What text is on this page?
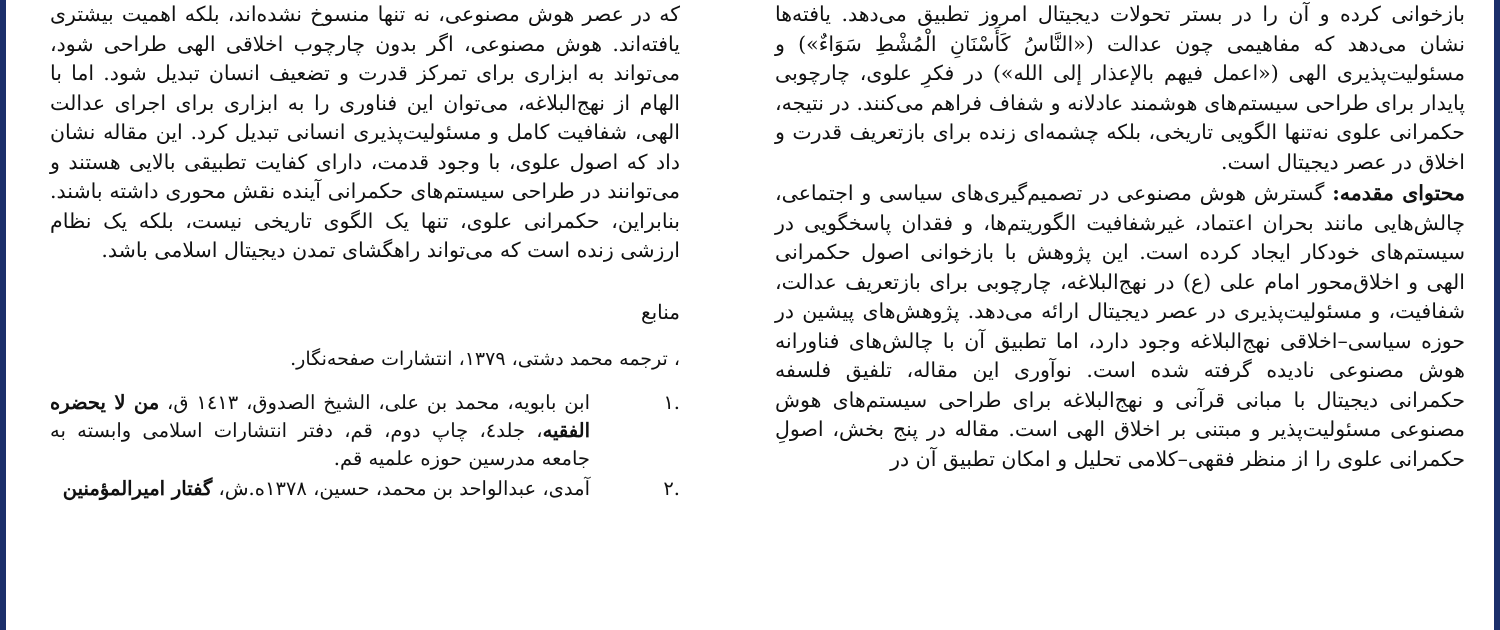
بازخوانی کرده و آن را در بستر تحولات دیجیتال امروز تطبیق می‌دهد. یافته‌ها نشان می‌دهد که مفاهیمی چون عدالت («النَّاسُ كَأَسْنَانِ الْمُشْطِ سَوَاءٌ») و مسئولیت‌پذیری الهی («اعمل فيهم بالإعذار إلى الله») در فکرِ علوی، چارچوبی پایدار برای طراحی سیستم‌های هوشمند عادلانه و شفاف فراهم می‌کنند. در نتیجه، حکمرانی علوی نه‌تنها الگویی تاریخی، بلکه چشمه‌ای زنده برای بازتعریف قدرت و اخلاق در عصر دیجیتال است.

محتوای مقدمه: گسترش هوش مصنوعی در تصمیم‌گیری‌های سیاسی و اجتماعی، چالش‌هایی مانند بحران اعتماد، غیرشفافیت الگوریتم‌ها، و فقدان پاسخگویی در سیستم‌های خودکار ایجاد کرده است. این پژوهش با بازخوانی اصول حکمرانی الهی و اخلاق‌محور امام علی (ع) در نهج‌البلاغه، چارچوبی برای بازتعریف عدالت، شفافیت، و مسئولیت‌پذیری در عصر دیجیتال ارائه می‌دهد. پژوهش‌های پیشین در حوزه سیاسی–اخلاقی نهج‌البلاغه وجود دارد، اما تطبیق آن با چالش‌های فناورانه هوش مصنوعی نادیده گرفته شده است. نوآوری این مقاله، تلفیق فلسفه حکمرانی دیجیتال با مبانی قرآنی و نهج‌البلاغه برای طراحی سیستم‌های هوش مصنوعی مسئولیت‌پذیر و مبتنی بر اخلاق الهی است. مقاله در پنج بخش، اصولِ حکمرانی علوی را از منظر فقهی–کلامی تحلیل و امکان تطبیق آن در

که در عصر هوش مصنوعی، نه تنها منسوخ نشده‌اند، بلکه اهمیت بیشتری یافته‌اند. هوش مصنوعی، اگر بدون چارچوب اخلاقی الهی طراحی شود، می‌تواند به ابزاری برای تمرکز قدرت و تضعیف انسان تبدیل شود. اما با الهام از نهج‌البلاغه، می‌توان این فناوری را به ابزاری برای اجرای عدالت الهی، شفافیت کامل و مسئولیت‌پذیری انسانی تبدیل کرد. این مقاله نشان داد که اصول علوی، با وجود قدمت، دارای کفایت تطبیقی بالایی هستند و می‌توانند در طراحی سیستم‌های حکمرانی آینده نقش محوری داشته باشند. بنابراین، حکمرانی علوی، تنها یک الگوی تاریخی نیست، بلکه یک نظام ارزشی زنده است که می‌تواند راهگشای تمدن دیجیتال اسلامی باشد.

منابع
، ترجمه محمد دشتی، ۱۳۷۹، انتشارات صفحه‌نگار.
.۱
ابن بابویه، محمد بن علی، الشیخ الصدوق، ۱٤۱۳ ق، من لا یحضره الفقیه، جلد٤، چاپ دوم، قم، دفتر انتشارات اسلامی وابسته به جامعه مدرسین حوزه علمیه قم.
.۲
آمدی، عبدالواحد بن محمد، حسین، ۱۳۷۸ه.ش، گفتار امیرالمؤمنین
